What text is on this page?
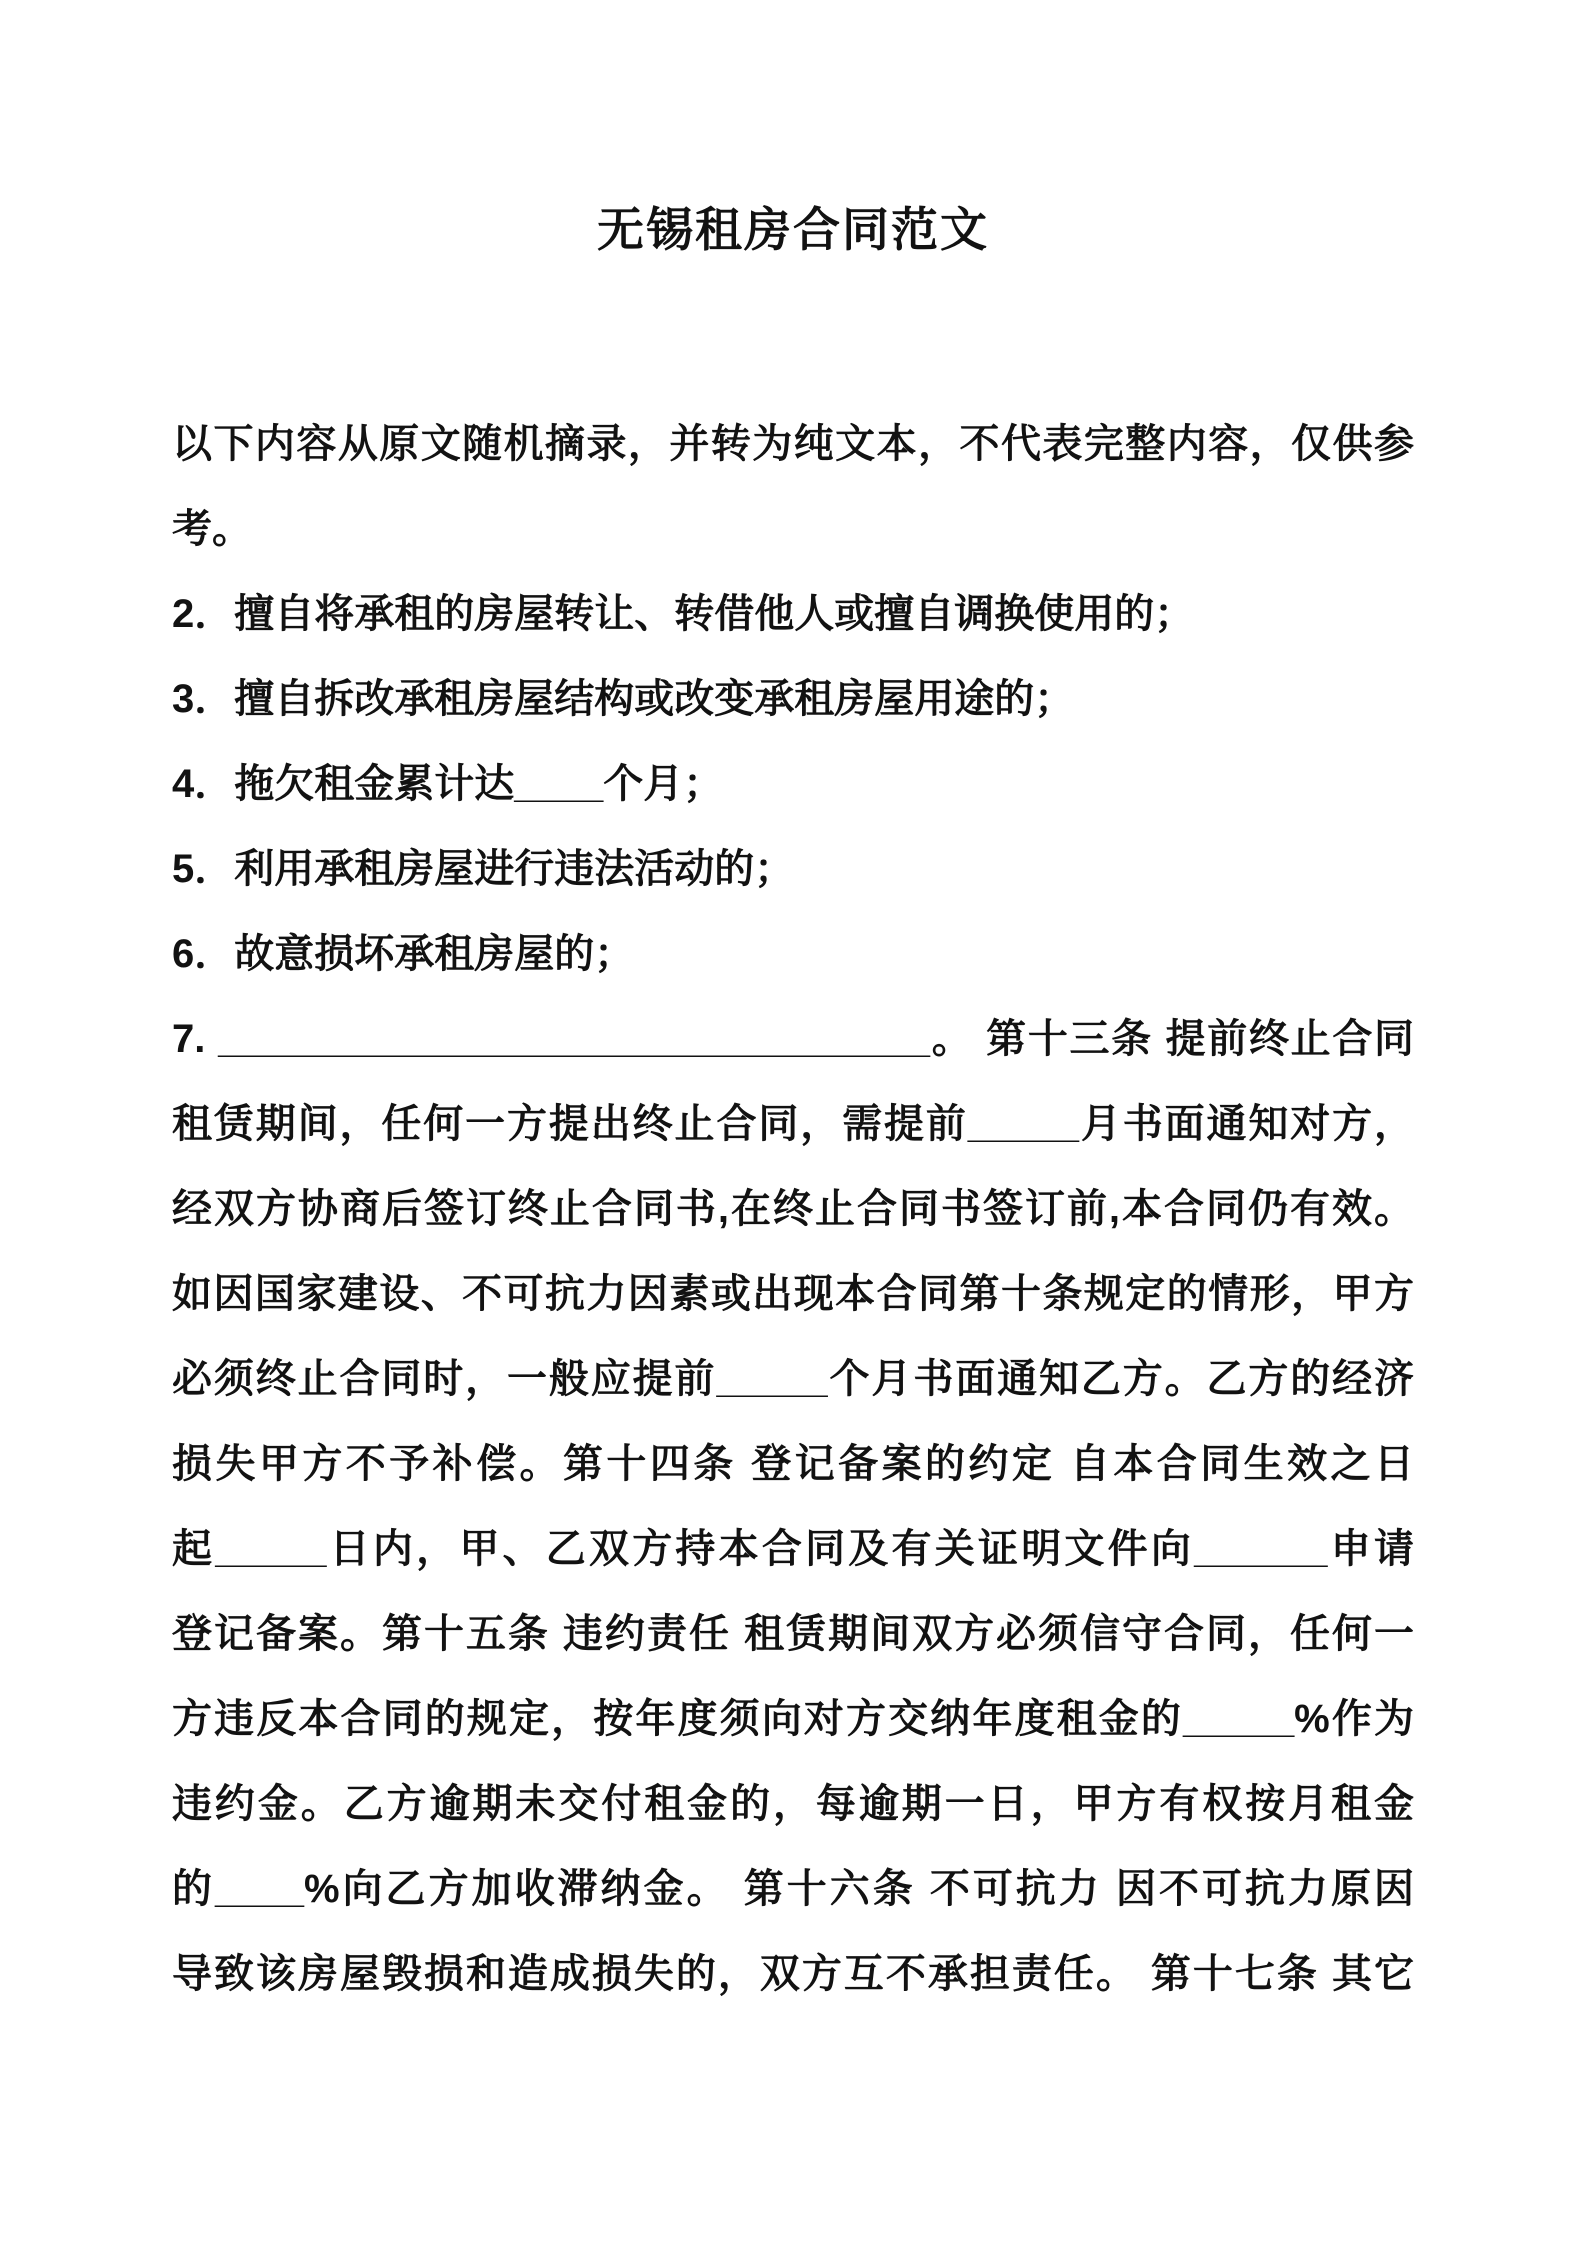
无锡租房合同范文
以下内容从原文随机摘录，并转为纯文本，不代表完整内容，仅供参
考。
2．擅自将承租的房屋转让、转借他人或擅自调换使用的；
3．擅自拆改承租房屋结构或改变承租房屋用途的；
4．拖欠租金累计达____个月；
5．利用承租房屋进行违法活动的；
6．故意损坏承租房屋的；
7. ________________________________。 第十三条 提前终止合同
租赁期间，任何一方提出终止合同，需提前_____月书面通知对方，
经双方协商后签订终止合同书,在终止合同书签订前,本合同仍有效。
如因国家建设、不可抗力因素或出现本合同第十条规定的情形，甲方
必须终止合同时，一般应提前_____个月书面通知乙方。乙方的经济
损失甲方不予补偿。第十四条 登记备案的约定 自本合同生效之日
起_____日内，甲、乙双方持本合同及有关证明文件向______申请
登记备案。第十五条 违约责任 租赁期间双方必须信守合同，任何一
方违反本合同的规定，按年度须向对方交纳年度租金的_____%作为
违约金。乙方逾期未交付租金的，每逾期一日，甲方有权按月租金
的____%向乙方加收滞纳金。 第十六条 不可抗力 因不可抗力原因
导致该房屋毁损和造成损失的，双方互不承担责任。 第十七条 其它
